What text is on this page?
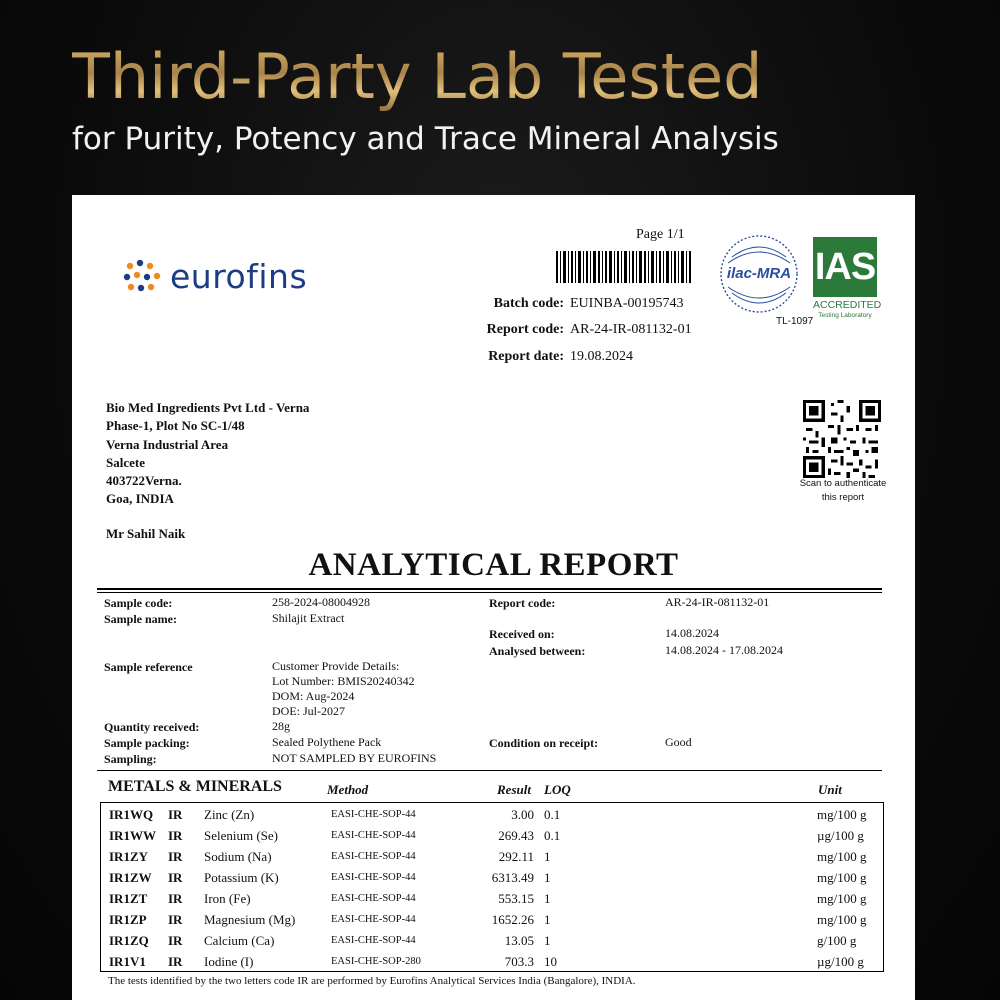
Third-Party Lab Tested
for Purity, Potency and Trace Mineral Analysis
eurofins
Page 1/1
Batch code: EUINBA-00195743
Report code: AR-24-IR-081132-01
Report date: 19.08.2024
ilac-MRA
TL-1097
IAS
ACCREDITED
Testing Laboratory
Bio Med Ingredients Pvt Ltd - Verna
Phase-1, Plot No SC-1/48
Verna Industrial Area
Salcete
403722Verna.
Goa, INDIA
Mr Sahil Naik
Scan to authenticate
this report
ANALYTICAL REPORT
Sample code:	258-2024-08004928
Sample name:	Shilajit Extract
Report code:	AR-24-IR-081132-01
Received on:	14.08.2024
Analysed between:	14.08.2024 - 17.08.2024
Sample reference	Customer Provide Details:
Lot Number: BMIS20240342
DOM: Aug-2024
DOE: Jul-2027
Quantity received:	28g
Sample packing:	Sealed Polythene Pack	Condition on receipt:	Good
Sampling:	NOT SAMPLED BY EUROFINS
METALS & MINERALS	Method	Result LOQ	Unit
IR1WQ IR Zinc (Zn)	EASI-CHE-SOP-44	3.00 0.1	mg/100 g
IR1WW IR Selenium (Se)	EASI-CHE-SOP-44	269.43 0.1	µg/100 g
IR1ZY IR Sodium (Na)	EASI-CHE-SOP-44	292.11 1	mg/100 g
IR1ZW IR Potassium (K)	EASI-CHE-SOP-44	6313.49 1	mg/100 g
IR1ZT IR Iron (Fe)	EASI-CHE-SOP-44	553.15 1	mg/100 g
IR1ZP IR Magnesium (Mg)	EASI-CHE-SOP-44	1652.26 1	mg/100 g
IR1ZQ IR Calcium (Ca)	EASI-CHE-SOP-44	13.05 1	g/100 g
IR1V1 IR Iodine (I)	EASI-CHE-SOP-280	703.3 10	µg/100 g
The tests identified by the two letters code IR are performed by Eurofins Analytical Services India (Bangalore), INDIA.
